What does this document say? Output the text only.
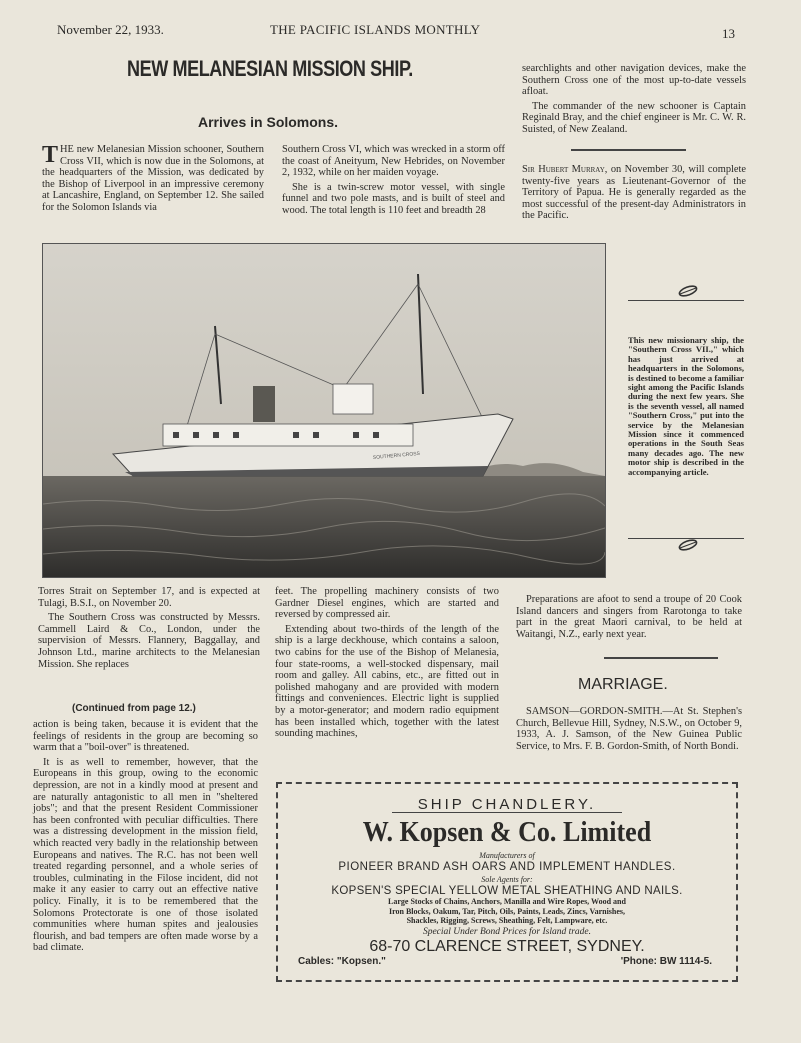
November 22, 1933.	THE PACIFIC ISLANDS MONTHLY	13
NEW MELANESIAN MISSION SHIP.
Arrives in Solomons.
THE new Melanesian Mission schooner, Southern Cross VII, which is now due in the Solomons, at the headquarters of the Mission, was dedicated by the Bishop of Liverpool in an impressive ceremony at Lancashire, England, on September 12. She sailed for the Solomon Islands via

Southern Cross VI, which was wrecked in a storm off the coast of Aneityum, New Hebrides, on November 2, 1932, while on her maiden voyage.

She is a twin-screw motor vessel, with single funnel and two pole masts, and is built of steel and wood. The total length is 110 feet and breadth 28

searchlights and other navigation devices, make the Southern Cross one of the most up-to-date vessels afloat.

The commander of the new schooner is Captain Reginald Bray, and the chief engineer is Mr. C. W. R. Suisted, of New Zealand.

Sir Hubert Murray, on November 30, will complete twenty-five years as Lieutenant-Governor of the Territory of Papua. He is generally regarded as the most successful of the present-day Administrators in the Pacific.

SOUTHERN CROSS
This new missionary ship, the "Southern Cross VII.," which has just arrived at headquarters in the Solomons, is destined to become a familiar sight among the Pacific Islands during the next few years. She is the seventh vessel, all named "Southern Cross," put into the service by the Melanesian Mission since it commenced operations in the South Seas many decades ago. The new motor ship is described in the accompanying article.

Torres Strait on September 17, and is expected at Tulagi, B.S.I., on November 20.

The Southern Cross was constructed by Messrs. Cammell Laird & Co., London, under the supervision of Messrs. Flannery, Baggallay, and Johnson Ltd., marine architects to the Melanesian Mission. She replaces

(Continued from page 12.)

action is being taken, because it is evident that the feelings of residents in the group are becoming so warm that a "boil-over" is threatened.

It is as well to remember, however, that the Europeans in this group, owing to the economic depression, are not in a kindly mood at present and are naturally antagonistic to all men in "sheltered jobs"; and that the present Resident Commissioner has been confronted with peculiar difficulties. There was a distressing development in the mission field, which reacted very badly in the relationship between Europeans and natives. The R.C. has not been well treated regarding personnel, and a whole series of troubles, culminating in the Filose incident, did not make it any easier to carry out an effective native policy. Finally, it is to be remembered that the Solomons Protectorate is one of those isolated communities where human spites and jealousies flourish, and bad tempers are often made worse by a bad climate.

feet. The propelling machinery consists of two Gardner Diesel engines, which are started and reversed by compressed air.

Extending about two-thirds of the length of the ship is a large deckhouse, which contains a saloon, two cabins for the use of the Bishop of Melanesia, four state-rooms, a well-stocked dispensary, mail room and galley. All cabins, etc., are fitted out in polished mahogany and are provided with modern fittings and conveniences. Electric light is supplied by a motor-generator; and modern radio equipment has been installed which, together with the latest sounding machines,

Preparations are afoot to send a troupe of 20 Cook Island dancers and singers from Rarotonga to take part in the great Maori carnival, to be held at Waitangi, N.Z., early next year.

MARRIAGE.

SAMSON—GORDON-SMITH.—At St. Stephen's Church, Bellevue Hill, Sydney, N.S.W., on October 9, 1933, A. J. Samson, of the New Guinea Public Service, to Mrs. F. B. Gordon-Smith, of North Bondi.

SHIP CHANDLERY.
W. Kopsen & Co. Limited
Manufacturers of
PIONEER BRAND ASH OARS AND IMPLEMENT HANDLES.
Sole Agents for:
KOPSEN'S SPECIAL YELLOW METAL SHEATHING AND NAILS.
Large Stocks of Chains, Anchors, Manilla and Wire Ropes, Wood and
Iron Blocks, Oakum, Tar, Pitch, Oils, Paints, Leads, Zincs, Varnishes,
Shackles, Rigging, Screws, Sheathing, Felt, Lampware, etc.
Special Under Bond Prices for Island trade.
68-70 CLARENCE STREET, SYDNEY.
Cables: "Kopsen."	'Phone: BW 1114-5.
